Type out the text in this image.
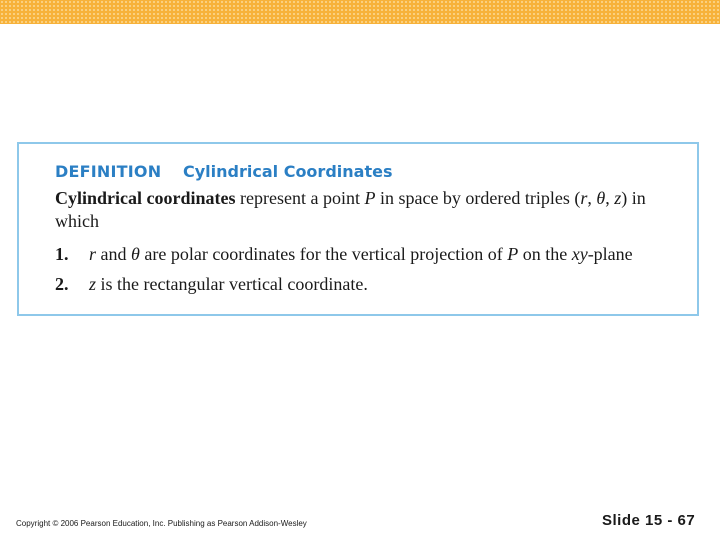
DEFINITION Cylindrical Coordinates
Cylindrical coordinates represent a point P in space by ordered triples (r, θ, z) in which
1. r and θ are polar coordinates for the vertical projection of P on the xy-plane
2. z is the rectangular vertical coordinate.
Copyright © 2006 Pearson Education, Inc. Publishing as Pearson Addison-Wesley	Slide 15 - 67
